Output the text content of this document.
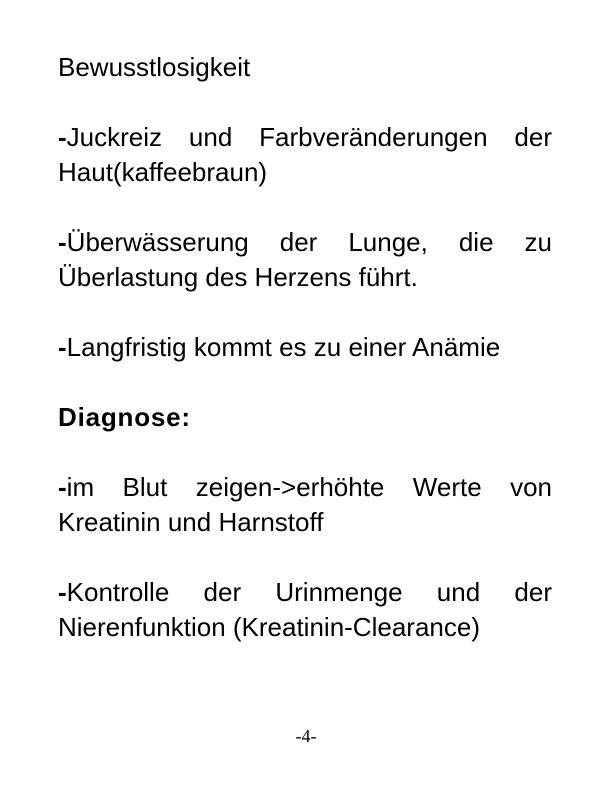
Bewusstlosigkeit

-Juckreiz und Farbveränderungen der Haut(kaffeebraun)

-Überwässerung der Lunge, die zu Überlastung des Herzens führt.

-Langfristig kommt es zu einer Anämie

Diagnose:

-im Blut zeigen->erhöhte Werte von Kreatinin und Harnstoff

-Kontrolle der Urinmenge und der Nierenfunktion (Kreatinin-Clearance)

-4-
